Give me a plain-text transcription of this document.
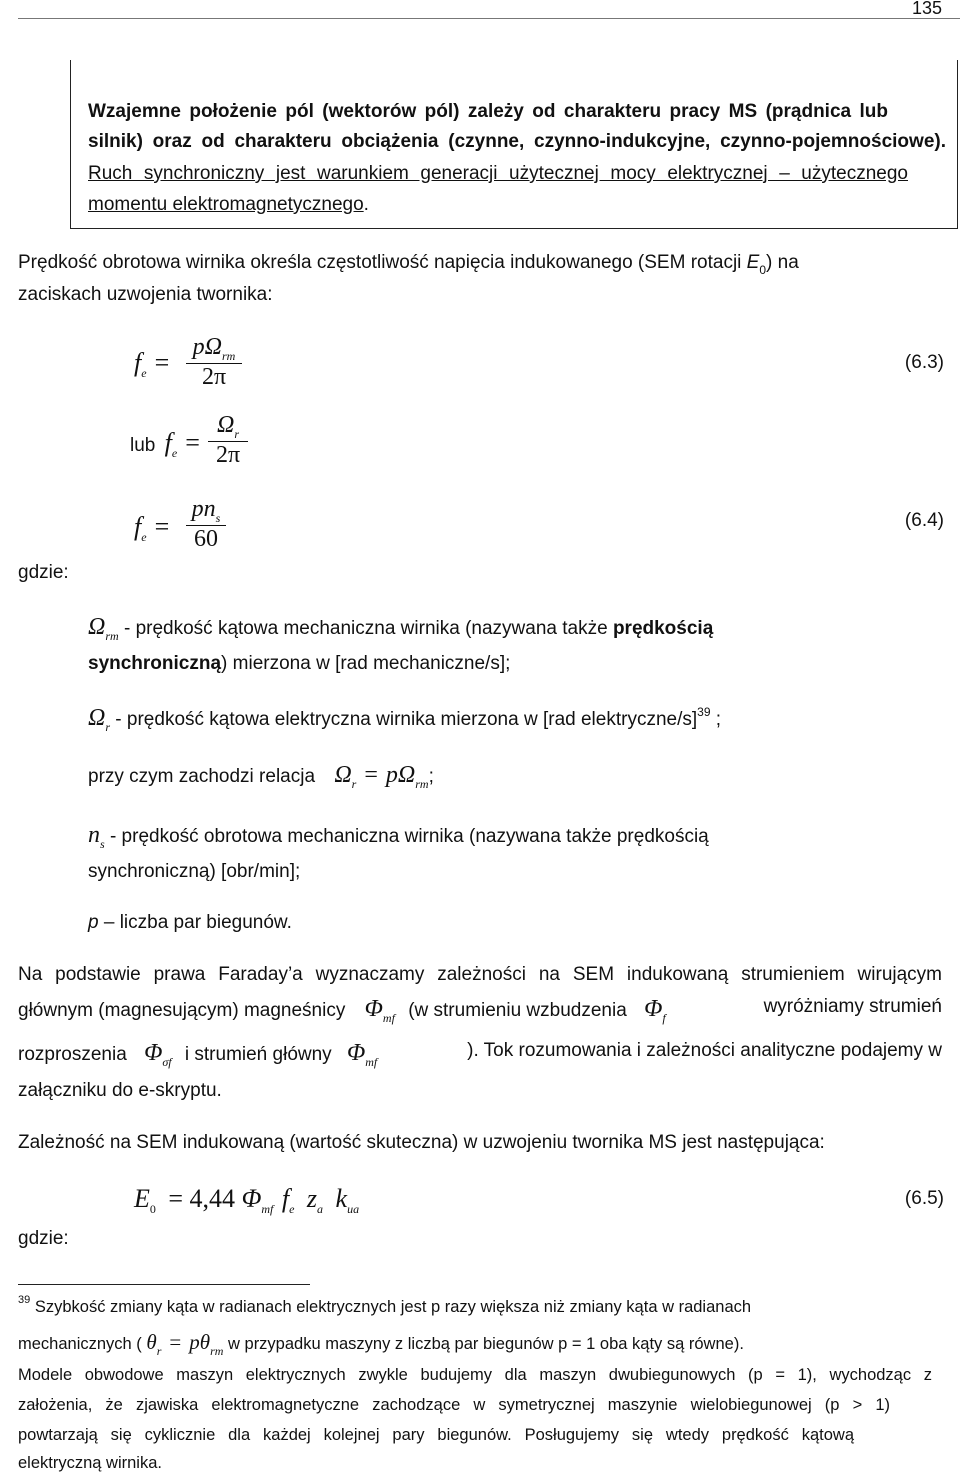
135
Wzajemne położenie pól (wektorów pól) zależy od charakteru pracy MS (prądnica lub
silnik) oraz od charakteru obciążenia (czynne, czynno-indukcyjne, czynno-pojemnościowe).
Ruch synchroniczny jest warunkiem generacji użytecznej mocy elektrycznej – użytecznego
momentu elektromagnetycznego.
Prędkość obrotowa wirnika określa częstotliwość napięcia indukowanego (SEM rotacji $E_0$) na
zaciskach uzwojenia twornika:
$f_e$ =
$p\Omega_{rm}$
2π
(6.3)
lub $f_e$ =
$\Omega_r$
2π
$f_e$ =
$pn_s$
60
(6.4)
gdzie:
$\Omega_{rm}$ - prędkość kątowa mechaniczna wirnika (nazywana także prędkością
synchroniczną) mierzona w [rad mechaniczne/s];
$\Omega_r$ - prędkość kątowa elektryczna wirnika mierzona w [rad elektryczne/s]$^{39}$ ;
przy czym zachodzi relacja $\Omega_r = p\Omega_{rm}$;
$n_s$ - prędkość obrotowa mechaniczna wirnika (nazywana także prędkością
synchroniczną) [obr/min];
p – liczba par biegunów.
Na podstawie prawa Faraday’a wyznaczamy zależności na SEM indukowaną strumieniem wirującym
głównym (magnesującym) magneśnicy $\Phi_{mf}$ (w strumieniu wzbudzenia $\Phi_f$
wyróżniamy strumień
rozproszenia $\Phi_{\sigma f}$ i strumień główny $\Phi_{mf}$
). Tok rozumowania i zależności analityczne podajemy w
załączniku do e-skryptu.
Zależność na SEM indukowaną (wartość skuteczna) w uzwojeniu twornika MS jest następująca:
$E_0 = 4,44$ $\Phi_{mf}$ $f_e$ $z_a$ $k_{ua}$	(6.5)
gdzie:
$^{39}$ Szybkość zmiany kąta w radianach elektrycznych jest p razy większa niż zmiany kąta w radianach
mechanicznych ( $\theta_r = p\theta_{rm}$ w przypadku maszyny z liczbą par biegunów p = 1 oba kąty są równe).
Modele obwodowe maszyn elektrycznych zwykle budujemy dla maszyn dwubiegunowych (p = 1), wychodząc z
założenia, że zjawiska elektromagnetyczne zachodzące w symetrycznej maszynie wielobiegunowej (p > 1)
powtarzają się cyklicznie dla każdej kolejnej pary biegunów. Posługujemy się wtedy prędkość kątową
elektryczną wirnika.
